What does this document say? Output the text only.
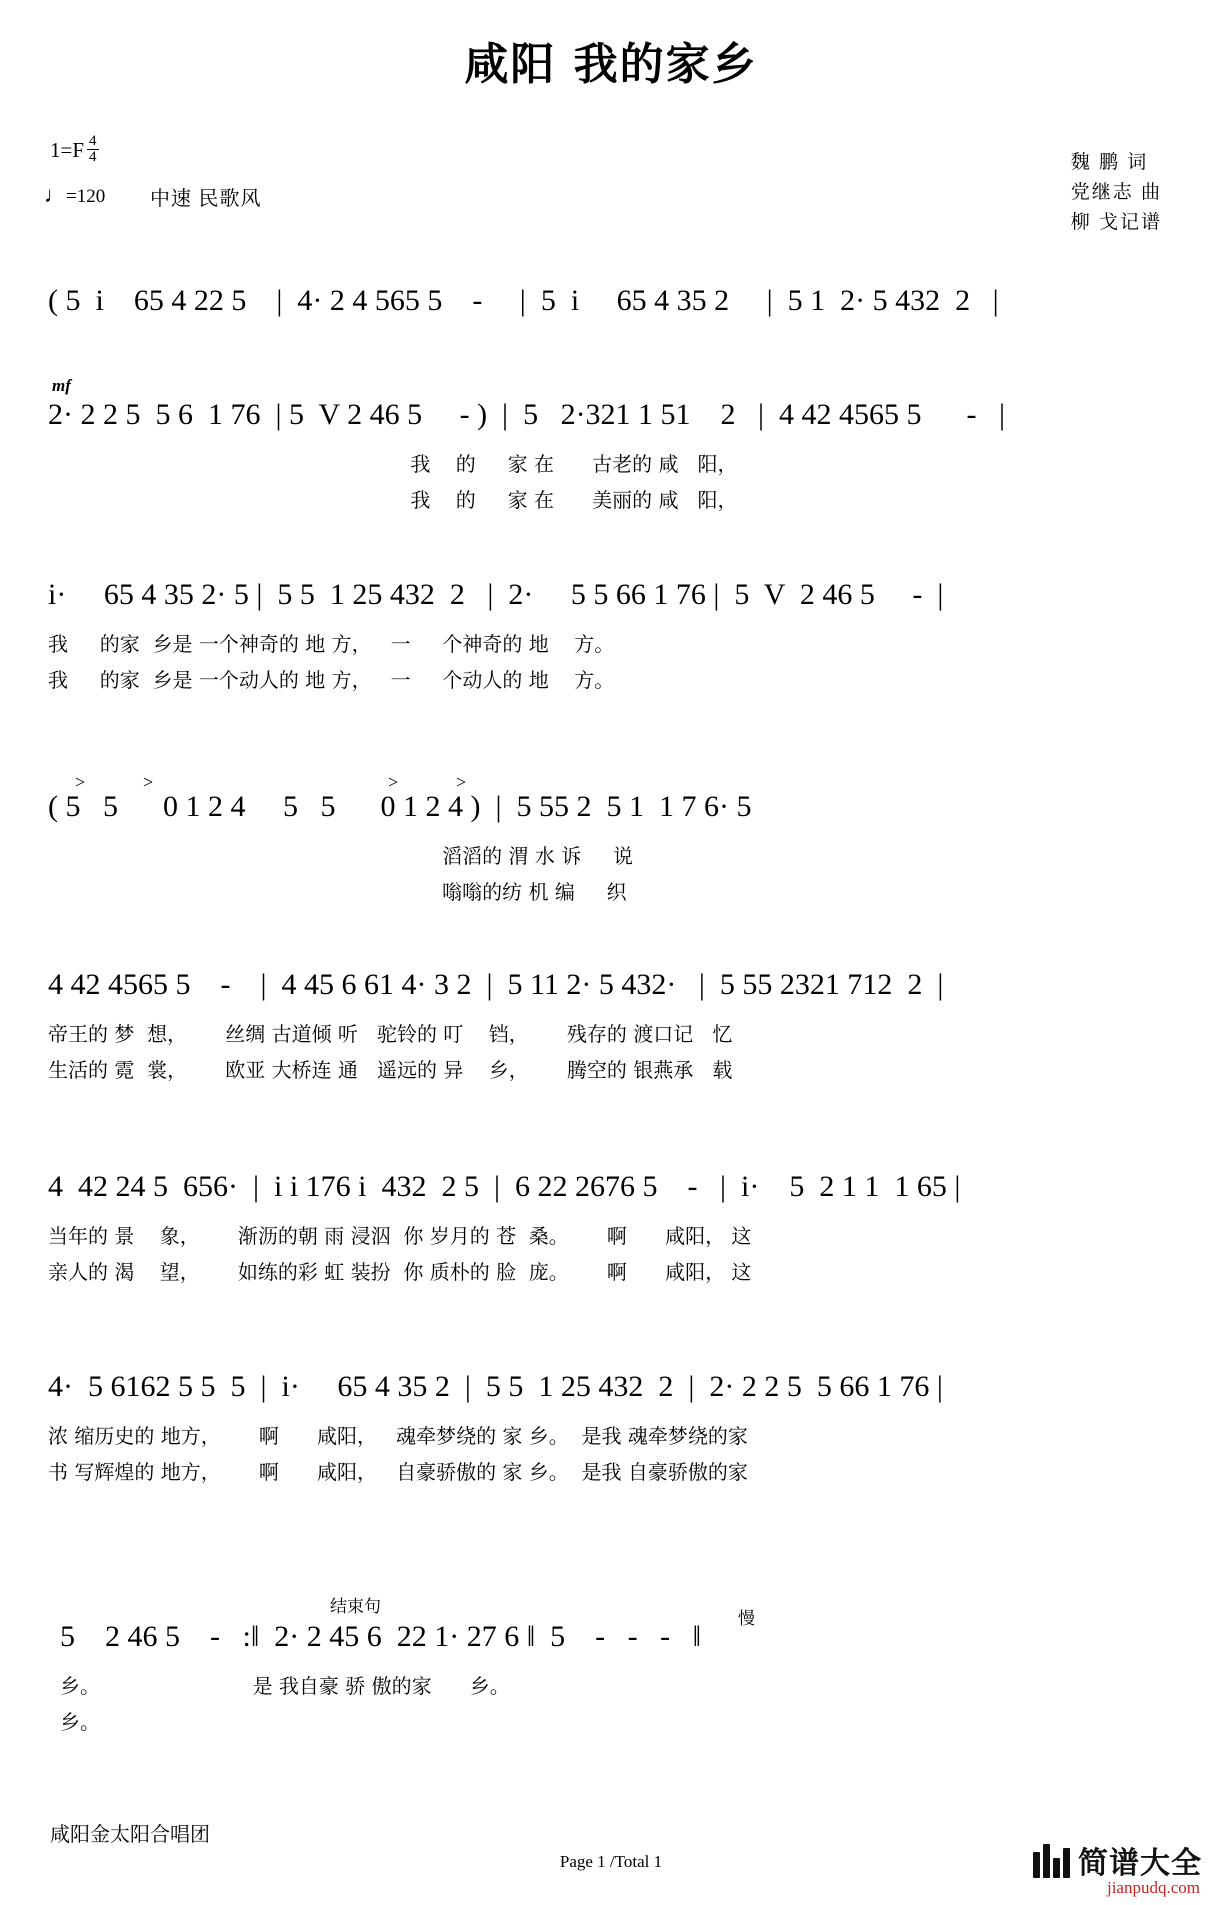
咸阳 我的家乡
$1=F \frac{4}{4}$
♩=120 中速 民歌风
魏 鹏 词
党继志 曲
柳 戈记谱
( 5  i    65 4 22 5    |  4· 2 4 565 5    -     |  5  i     65 4 35 2     |  5 1  2· 5 432  2   |
mf
2· 2 2 5  5 6  1 76  | 5  V 2 46 5     - )  |  5   2·321 1 51    2   |  4 42 4565 5      -   |
我    的     家 在      古老的 咸   阳，
我    的     家 在      美丽的 咸   阳，
i·     65 4 35 2· 5 |  5 5  1 25 432  2   |  2·     5 5 66 1 76 |  5  V  2 46 5     -  |
我     的家  乡是 一个神奇的 地 方，   一     个神奇的 地    方。
我     的家  乡是 一个动人的 地 方，   一     个动人的 地    方。
>	>	>	>
( 5   5      0 1 2 4     5   5      0 1 2 4 )  |  5 55 2  5 1  1 7 6· 5
滔滔的 渭 水 诉     说
嗡嗡的纺 机 编     织
4 42 4565 5    -    |  4 45 6 61 4· 3 2  |  5 11 2· 5 432·   |  5 55 2321 712  2  |
帝王的 梦  想，      丝绸 古道倾 听   驼铃的 叮    铛，      残存的 渡口记   忆
生活的 霓  裳，      欧亚 大桥连 通   遥远的 异    乡，      腾空的 银燕承   载
4  42 24 5  656·  |  i i 176 i  432  2 5  |  6 22 2676 5    -   |  i·    5  2 1 1  1 65 |
当年的 景    象，      渐沥的朝 雨 浸泅  你 岁月的 苍  桑。      啊      咸阳， 这
亲人的 渴    望，      如练的彩 虹 装扮  你 质朴的 脸  庞。      啊      咸阳， 这
4·  5 6162 5 5  5  |  i·     65 4 35 2  |  5 5  1 25 432  2  |  2· 2 2 5  5 66 1 76 |
浓 缩历史的 地方，      啊      咸阳，   魂牵梦绕的 家 乡。  是我 魂牵梦绕的家
书 写辉煌的 地方，      啊      咸阳，   自豪骄傲的 家 乡。  是我 自豪骄傲的家
结束句
慢
5    2 46 5    -   :‖  2· 2 45 6  22 1· 27 6 ‖  5    -   -   -   ‖
乡。                        是 我自豪 骄 傲的家      乡。
乡。
咸阳金太阳合唱团
Page 1 /Total 1	简谱大全
jianpudq.com
